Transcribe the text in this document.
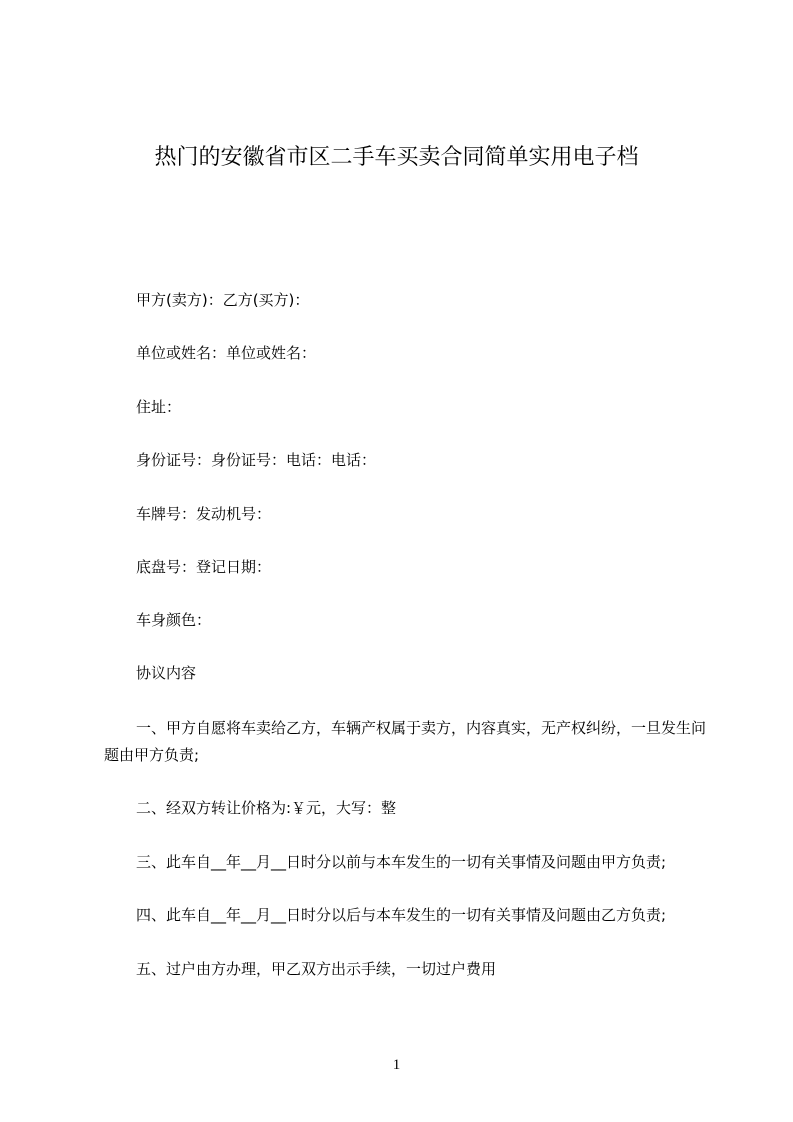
热门的安徽省市区二手车买卖合同简单实用电子档

甲方(卖方)：乙方(买方)：

单位或姓名：单位或姓名：

住址：

身份证号：身份证号：电话：电话：

车牌号：发动机号：

底盘号：登记日期：

车身颜色：

协议内容

一、甲方自愿将车卖给乙方，车辆产权属于卖方，内容真实，无产权纠纷，一旦发生问题由甲方负责;

二、经双方转让价格为:￥元，大写：整

三、此车自__年__月__日时分以前与本车发生的一切有关事情及问题由甲方负责;

四、此车自__年__月__日时分以后与本车发生的一切有关事情及问题由乙方负责;

五、过户由方办理，甲乙双方出示手续，一切过户费用

1
